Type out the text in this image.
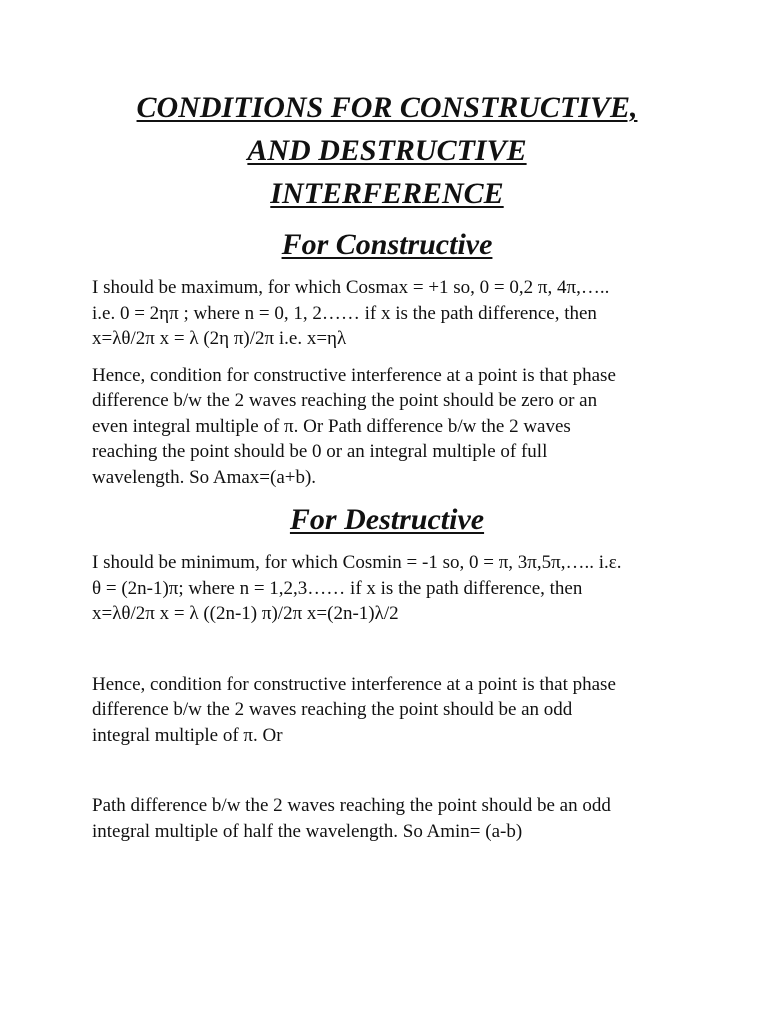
CONDITIONS FOR CONSTRUCTIVE,
AND DESTRUCTIVE
INTERFERENCE
For Constructive

I should be maximum, for which Cosmax = +1 so, 0 = 0,2 π, 4π,…..
i.e. 0 = 2ηπ ; where n = 0, 1, 2…… if x is the path difference, then
x=λθ/2π x = λ (2η π)/2π i.e. x=ηλ

Hence, condition for constructive interference at a point is that phase
difference b/w the 2 waves reaching the point should be zero or an
even integral multiple of π. Or Path difference b/w the 2 waves
reaching the point should be 0 or an integral multiple of full
wavelength. So Amax=(a+b).

For Destructive

I should be minimum, for which Cosmin = -1 so, 0 = π, 3π,5π,….. i.ε.
θ = (2n-1)π; where n = 1,2,3…… if x is the path difference, then
x=λθ/2π x = λ ((2n-1) π)/2π x=(2n-1)λ/2

Hence, condition for constructive interference at a point is that phase
difference b/w the 2 waves reaching the point should be an odd
integral multiple of π. Or

Path difference b/w the 2 waves reaching the point should be an odd
integral multiple of half the wavelength. So Amin= (a-b)
